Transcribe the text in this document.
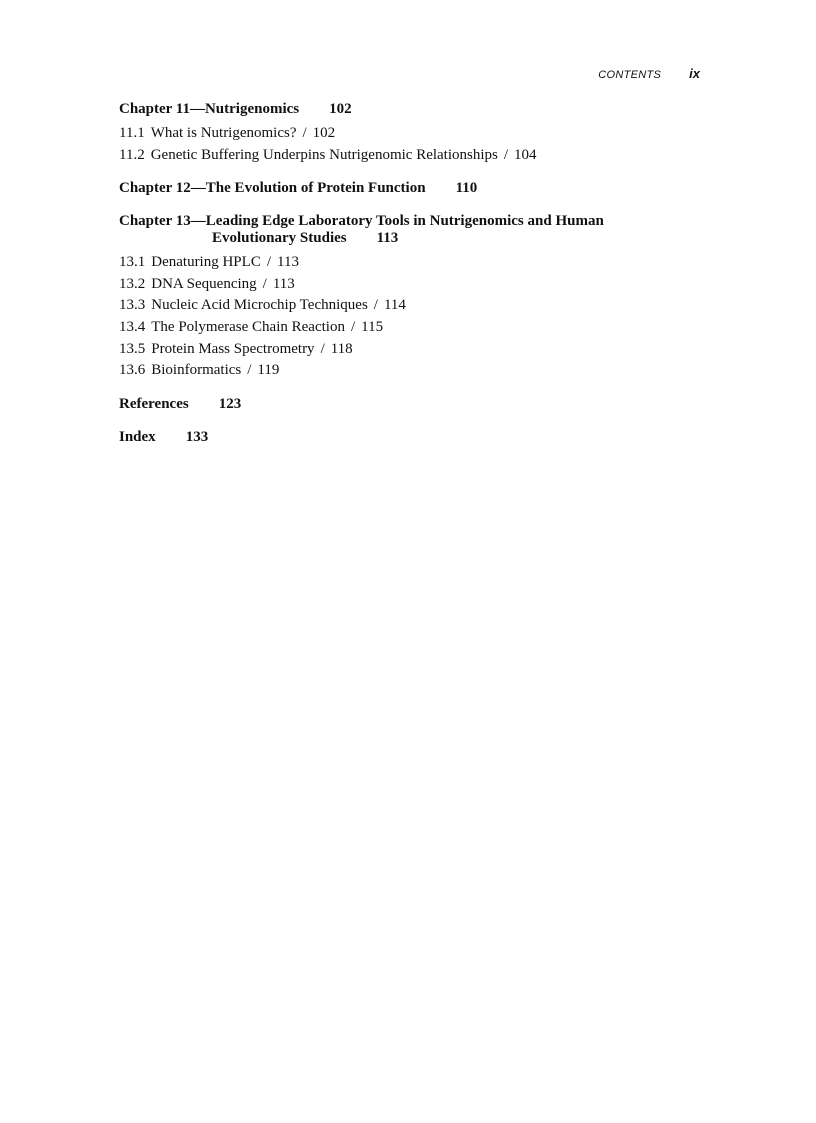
CONTENTS ix
Chapter 11—Nutrigenomics 102
11.1 What is Nutrigenomics? / 102
11.2 Genetic Buffering Underpins Nutrigenomic Relationships / 104
Chapter 12—The Evolution of Protein Function 110
Chapter 13—Leading Edge Laboratory Tools in Nutrigenomics and Human
Evolutionary Studies 113
13.1 Denaturing HPLC / 113
13.2 DNA Sequencing / 113
13.3 Nucleic Acid Microchip Techniques / 114
13.4 The Polymerase Chain Reaction / 115
13.5 Protein Mass Spectrometry / 118
13.6 Bioinformatics / 119
References 123
Index 133
